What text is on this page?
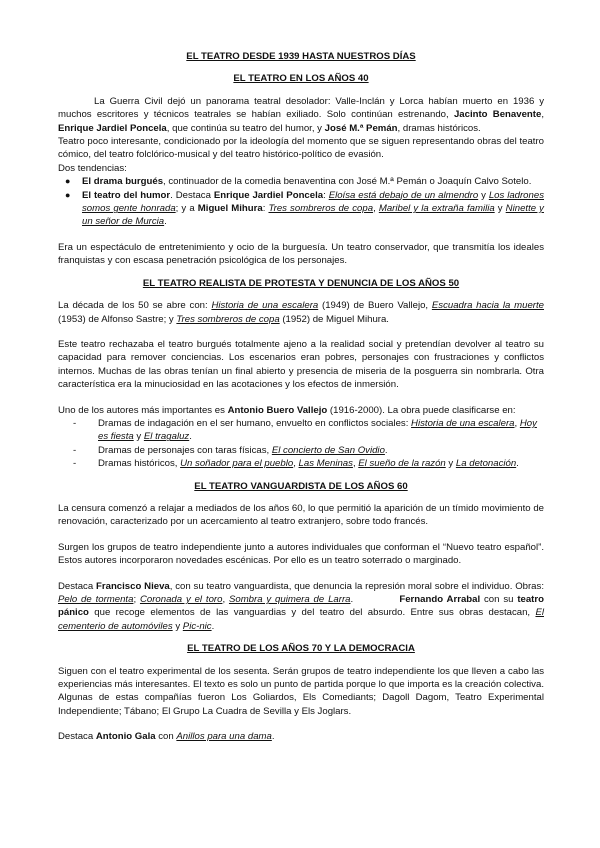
EL TEATRO DESDE 1939 HASTA NUESTROS DÍAS

EL TEATRO EN LOS AÑOS 40

La Guerra Civil dejó un panorama teatral desolador: Valle-Inclán y Lorca habían muerto en 1936 y muchos escritores y técnicos teatrales se habían exiliado. Solo continúan estrenando, Jacinto Benavente, Enrique Jardiel Poncela, que continúa su teatro del humor, y José M.ª Pemán, dramas históricos.

Teatro poco interesante, condicionado por la ideología del momento que se siguen representando obras del teatro cómico, del teatro folclórico-musical y del teatro histórico-político de evasión.

Dos tendencias:

● El drama burgués, continuador de la comedia benaventina con José M.ª Pemán o Joaquín Calvo Sotelo.
● El teatro del humor. Destaca Enrique Jardiel Poncela: Eloísa está debajo de un almendro y Los ladrones somos gente honrada; y a Miguel Mihura: Tres sombreros de copa, Maribel y la extraña familia y Ninette y un señor de Murcia.

Era un espectáculo de entretenimiento y ocio de la burguesía. Un teatro conservador, que transmitía los ideales franquistas y con escasa penetración psicológica de los personajes.

EL TEATRO REALISTA DE PROTESTA Y DENUNCIA DE LOS AÑOS 50

La década de los 50 se abre con: Historia de una escalera (1949) de Buero Vallejo, Escuadra hacia la muerte (1953) de Alfonso Sastre; y Tres sombreros de copa (1952) de Miguel Mihura.

Este teatro rechazaba el teatro burgués totalmente ajeno a la realidad social y pretendían devolver al teatro su capacidad para remover conciencias. Los escenarios eran pobres, personajes con frustraciones y conflictos internos. Muchas de las obras tenían un final abierto y presencia de miseria de la posguerra sin nombrarla. Otra característica era la minuciosidad en las acotaciones y los efectos de inmersión.

Uno de los autores más importantes es Antonio Buero Vallejo (1916-2000). La obra puede clasificarse en:

- Dramas de indagación en el ser humano, envuelto en conflictos sociales: Historia de una escalera, Hoy es fiesta y El tragaluz.
- Dramas de personajes con taras físicas, El concierto de San Ovidio.
- Dramas históricos, Un soñador para el pueblo, Las Meninas, El sueño de la razón y La detonación.

EL TEATRO VANGUARDISTA DE LOS AÑOS 60

La censura comenzó a relajar a mediados de los años 60, lo que permitió la aparición de un tímido movimiento de renovación, caracterizado por un acercamiento al teatro extranjero, sobre todo francés.

Surgen los grupos de teatro independiente junto a autores individuales que conforman el “Nuevo teatro español”. Estos autores incorporaron novedades escénicas. Por ello es un teatro soterrado o marginado.

Destaca Francisco Nieva, con su teatro vanguardista, que denuncia la represión moral sobre el individuo. Obras: Pelo de tormenta; Coronada y el toro, Sombra y quimera de Larra.            Fernando Arrabal con su teatro pánico que recoge elementos de las vanguardias y del teatro del absurdo. Entre sus obras destacan, El cementerio de automóviles y Pic-nic.

EL TEATRO DE LOS AÑOS 70 Y LA DEMOCRACIA

Siguen con el teatro experimental de los sesenta. Serán grupos de teatro independiente los que lleven a cabo las experiencias más interesantes. El texto es solo un punto de partida porque lo que importa es la creación colectiva. Algunas de estas compañías fueron Los Goliardos, Els Comediants; Dagoll Dagom, Teatro Experimental Independiente; Tábano; El Grupo La Cuadra de Sevilla y Els Joglars.

Destaca Antonio Gala con Anillos para una dama.
